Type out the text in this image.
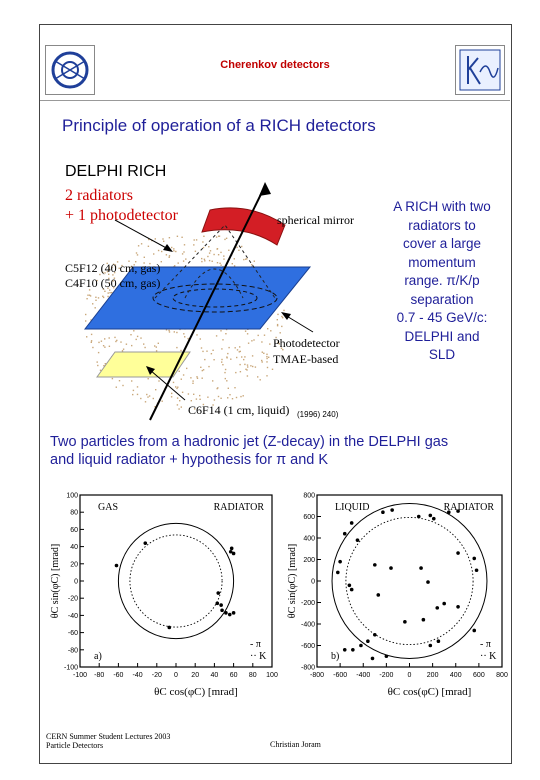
Cherenkov detectors
Principle of operation of a RICH detectors
DELPHI RICH
2 radiators
+ 1 photodetector	spherical mirror
C5F12 (40 cm, gas)
C4F10 (50 cm, gas)
Photodetector
TMAE-based
C6F14 (1 cm, liquid) (1996) 240)
A RICH with two
radiators to
cover a large
momentum
range. π/K/p
separation
0.7 - 45 GeV/c:
DELPHI and
SLD
Two particles from a hadronic jet (Z-decay) in the DELPHI gas
and liquid radiator + hypothesis for π and K
-100 -80 -60 -40 -20 0 20 40 60 80 100
100
80
60
40
20
0
-20
-40
-60
-80
-100
GAS	RADIATOR
a)
- π
·· K
θC cos(φC) [mrad]
θC sin(φC) [mrad]
-800 -600 -400 -200 0 200 400 600 800
800
600
400
200
0
-200
-400
-600
-800
LIQUID	RADIATOR
b)
- π
·· K
θC cos(φC) [mrad]
θC sin(φC) [mrad]
CERN Summer Student Lectures 2003
Particle Detectors	Christian Joram
